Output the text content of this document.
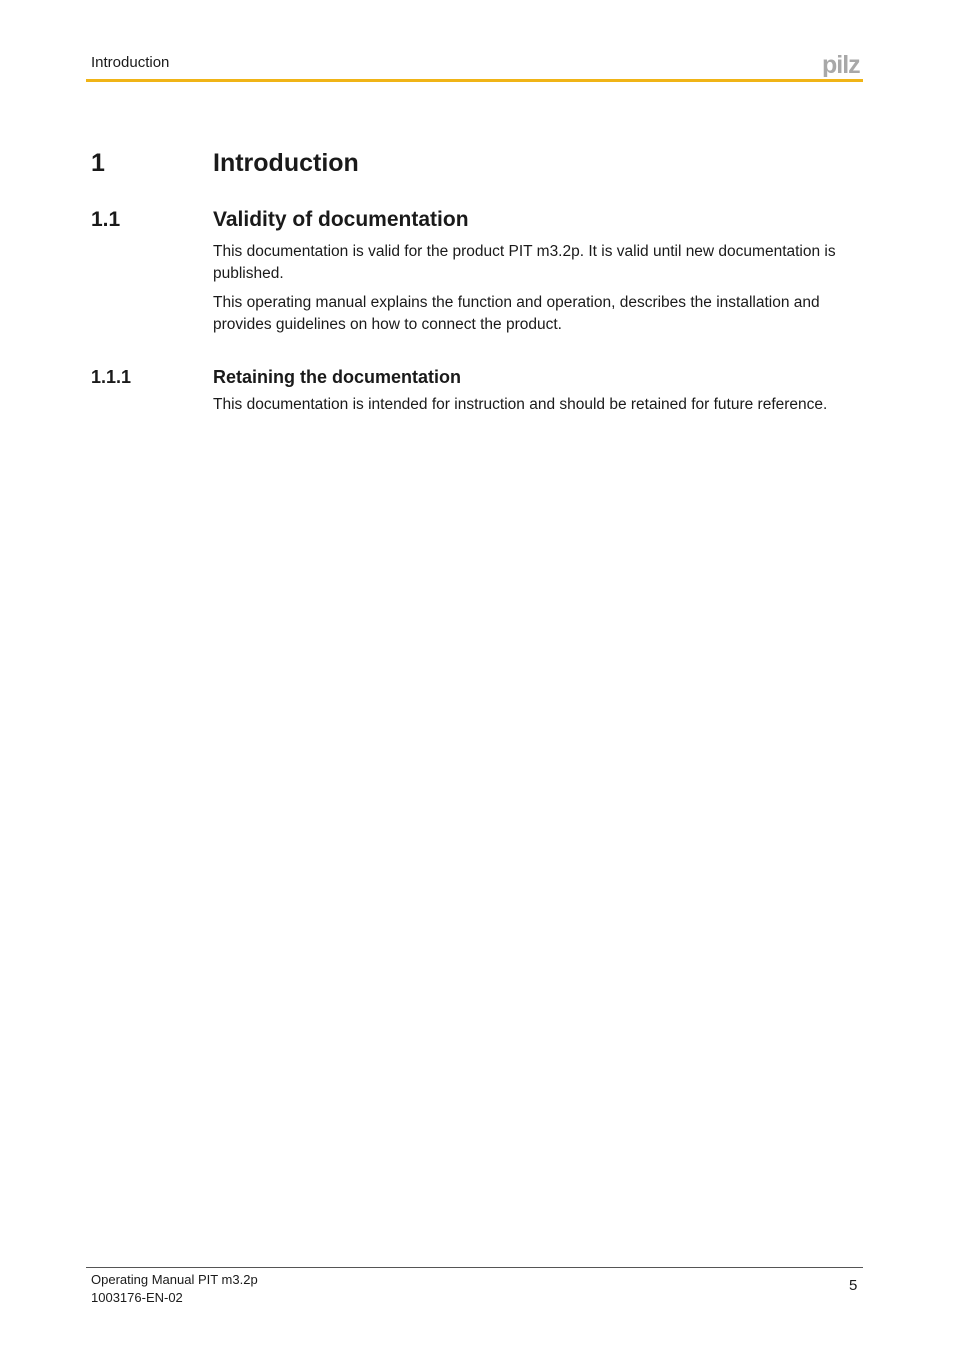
Introduction	pilz
1	Introduction
1.1	Validity of documentation

This documentation is valid for the product PIT m3.2p. It is valid until new documentation is published.

This operating manual explains the function and operation, describes the installation and provides guidelines on how to connect the product.

1.1.1	Retaining the documentation

This documentation is intended for instruction and should be retained for future reference.

Operating Manual PIT m3.2p
1003176-EN-02
5
